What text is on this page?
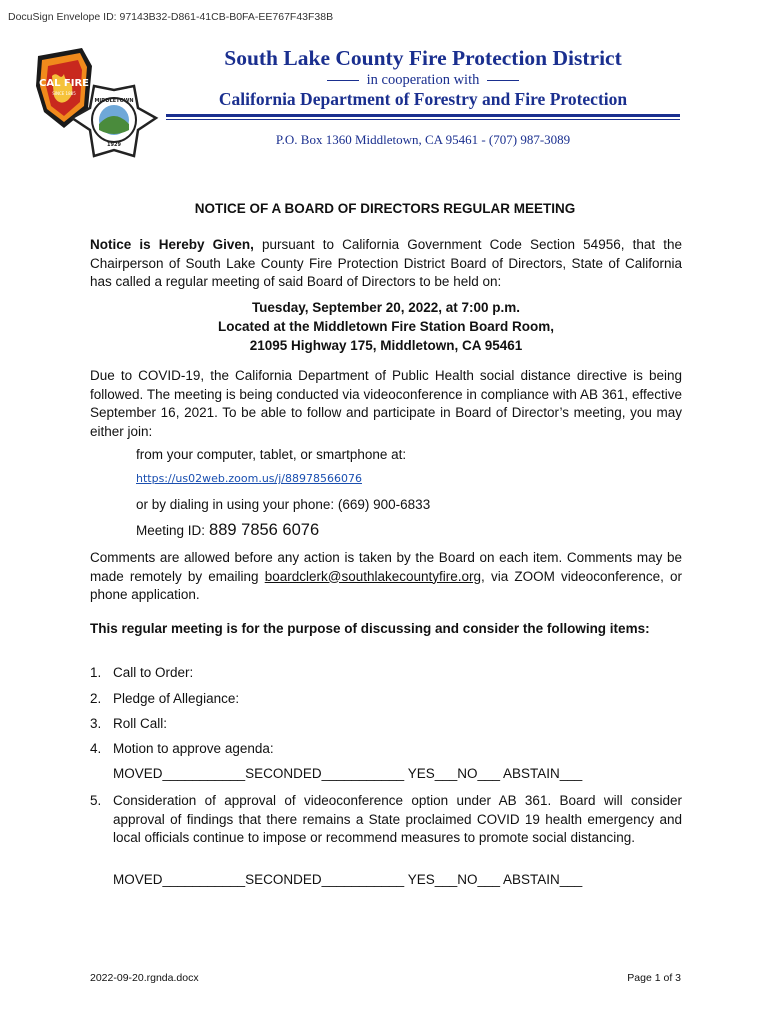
DocuSign Envelope ID: 97143B32-D861-41CB-B0FA-EE767F43F38B
CAL FIRE
SINCE 1885
MIDDLETOWN
1929
South Lake County Fire Protection District
in cooperation with
California Department of Forestry and Fire Protection
P.O. Box 1360 Middletown, CA 95461 - (707) 987-3089
NOTICE OF A BOARD OF DIRECTORS REGULAR MEETING

Notice is Hereby Given, pursuant to California Government Code Section 54956, that the Chairperson of South Lake County Fire Protection District Board of Directors, State of California has called a regular meeting of said Board of Directors to be held on:

Tuesday, September 20, 2022, at 7:00 p.m.
Located at the Middletown Fire Station Board Room,
21095 Highway 175, Middletown, CA 95461

Due to COVID-19, the California Department of Public Health social distance directive is being followed. The meeting is being conducted via videoconference in compliance with AB 361, effective September 16, 2021. To be able to follow and participate in Board of Director’s meeting, you may either join:

from your computer, tablet, or smartphone at:
https://us02web.zoom.us/j/88978566076
or by dialing in using your phone: (669) 900-6833
Meeting ID: 889 7856 6076

Comments are allowed before any action is taken by the Board on each item. Comments may be made remotely by emailing boardclerk@southlakecountyfire.org, via ZOOM videoconference, or phone application.

This regular meeting is for the purpose of discussing and consider the following items:
1. Call to Order:
2. Pledge of Allegiance:
3. Roll Call:
4. Motion to approve agenda:
MOVED___________SECONDED___________ YES___NO___ ABSTAIN___
5. Consideration of approval of videoconference option under AB 361. Board will consider approval of findings that there remains a State proclaimed COVID 19 health emergency and local officials continue to impose or recommend measures to promote social distancing.
MOVED___________SECONDED___________ YES___NO___ ABSTAIN___
2022-09-20.rgnda.docx	Page 1 of 3
